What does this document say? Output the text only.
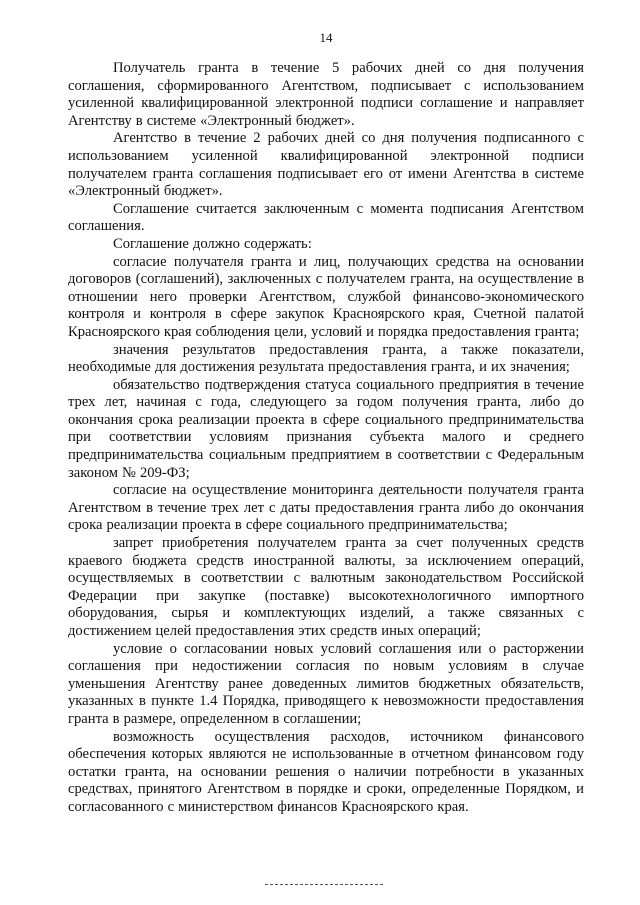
14

Получатель гранта в течение 5 рабочих дней со дня получения соглашения, сформированного Агентством, подписывает с использованием усиленной квалифицированной электронной подписи соглашение и направляет Агентству в системе «Электронный бюджет».

Агентство в течение 2 рабочих дней со дня получения подписанного с использованием усиленной квалифицированной электронной подписи получателем гранта соглашения подписывает его от имени Агентства в системе «Электронный бюджет».

Соглашение считается заключенным с момента подписания Агентством соглашения.

Соглашение должно содержать:

согласие получателя гранта и лиц, получающих средства на основании договоров (соглашений), заключенных с получателем гранта, на осуществление в отношении него проверки Агентством, службой финансово-экономического контроля и контроля в сфере закупок Красноярского края, Счетной палатой Красноярского края соблюдения цели, условий и порядка предоставления гранта;

значения результатов предоставления гранта, а также показатели, необходимые для достижения результата предоставления гранта, и их значения;

обязательство подтверждения статуса социального предприятия в течение трех лет, начиная с года, следующего за годом получения гранта, либо до окончания срока реализации проекта в сфере социального предпринимательства при соответствии условиям признания субъекта малого и среднего предпринимательства социальным предприятием в соответствии с Федеральным законом № 209-ФЗ;

согласие на осуществление мониторинга деятельности получателя гранта Агентством в течение трех лет с даты предоставления гранта либо до окончания срока реализации проекта в сфере социального предпринимательства;

запрет приобретения получателем гранта за счет полученных средств краевого бюджета средств иностранной валюты, за исключением операций, осуществляемых в соответствии с валютным законодательством Российской Федерации при закупке (поставке) высокотехнологичного импортного оборудования, сырья и комплектующих изделий, а также связанных с достижением целей предоставления этих средств иных операций;

условие о согласовании новых условий соглашения или о расторжении соглашения при недостижении согласия по новым условиям в случае уменьшения Агентству ранее доведенных лимитов бюджетных обязательств, указанных в пункте 1.4 Порядка, приводящего к невозможности предоставления гранта в размере, определенном в соглашении;

возможность осуществления расходов, источником финансового обеспечения которых являются не использованные в отчетном финансовом году остатки гранта, на основании решения о наличии потребности в указанных средствах, принятого Агентством в порядке и сроки, определенные Порядком, и согласованного с министерством финансов Красноярского края.
